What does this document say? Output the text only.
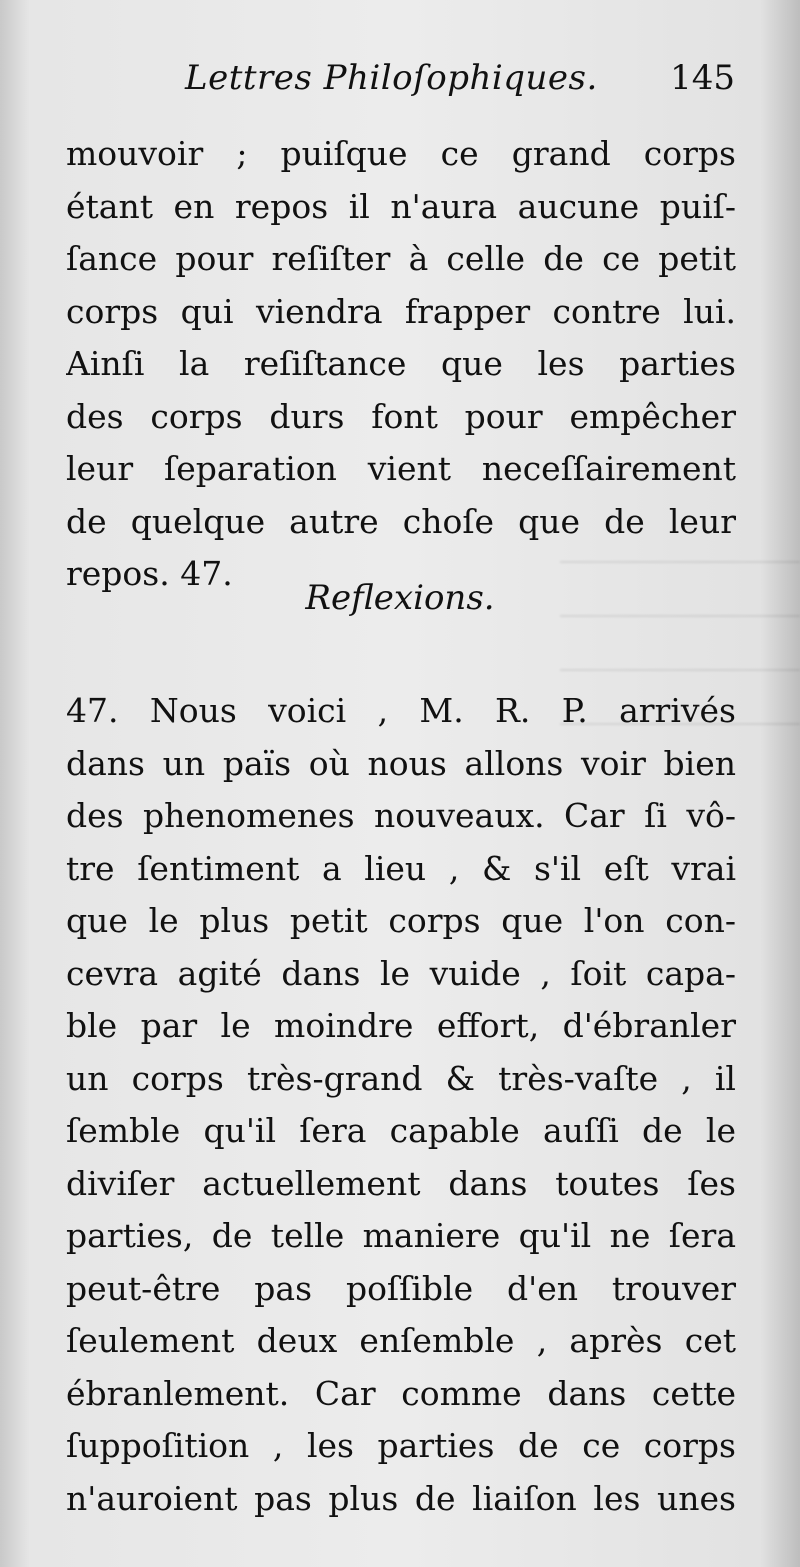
Lettres Philoſophiques. 145
mouvoir ; puiſque ce grand corps
étant en repos il n'aura aucune puiſ-
ſance pour reſiſter à celle de ce petit
corps qui viendra frapper contre lui.
Ainſi la reſiſtance que les parties
des corps durs font pour empêcher
leur ſeparation vient neceſſairement
de quelque autre choſe que de leur
repos. 47.
Reflexions.
47. Nous voici , M. R. P. arrivés
dans un païs où nous allons voir bien
des phenomenes nouveaux. Car ſi vô-
tre ſentiment a lieu , & s'il eſt vrai
que le plus petit corps que l'on con-
cevra agité dans le vuide , ſoit capa-
ble par le moindre effort, d'ébranler
un corps très-grand & très-vaſte , il
ſemble qu'il ſera capable auſſi de le
diviſer actuellement dans toutes ſes
parties, de telle maniere qu'il ne ſera
peut-être pas poſſible d'en trouver
ſeulement deux enſemble , après cet
ébranlement. Car comme dans cette
ſuppoſition , les parties de ce corps
n'auroient pas plus de liaiſon les unes
